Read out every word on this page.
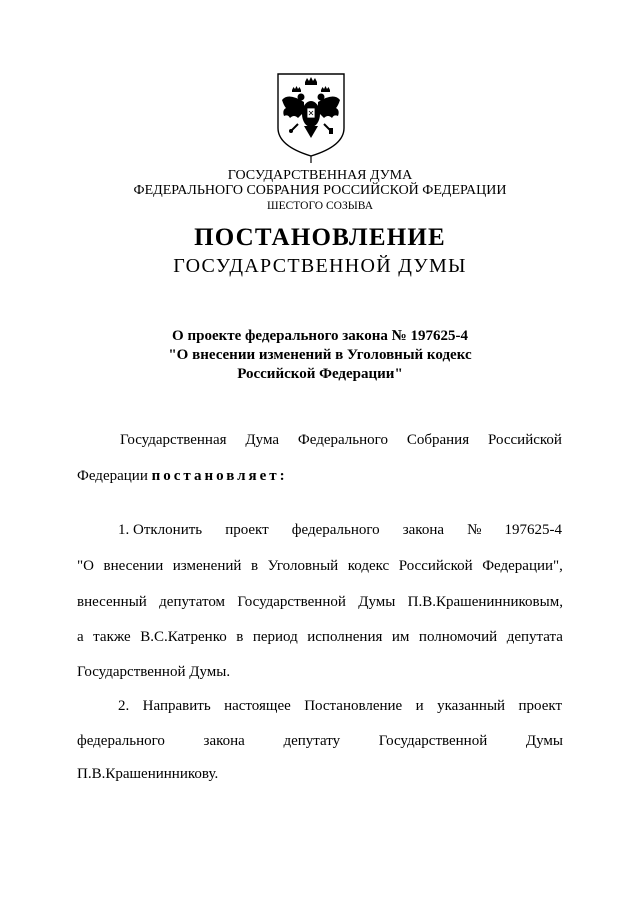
ГОСУДАРСТВЕННАЯ ДУМА
ФЕДЕРАЛЬНОГО СОБРАНИЯ РОССИЙСКОЙ ФЕДЕРАЦИИ
ШЕСТОГО СОЗЫВА
ПОСТАНОВЛЕНИЕ
ГОСУДАРСТВЕННОЙ ДУМЫ
О проекте федерального закона № 197625-4
"О внесении изменений в Уголовный кодекс
Российской Федерации"
Государственная Дума Федерального Собрания Российской
Федерации постановляет:
1. Отклонить проект федерального закона № 197625-4
"О внесении изменений в Уголовный кодекс Российской Федерации",
внесенный депутатом Государственной Думы П.В.Крашенинниковым,
а также В.С.Катренко в период исполнения им полномочий депутата
Государственной Думы.
2. Направить настоящее Постановление и указанный проект
федерального	закона	депутату	Государственной	Думы
П.В.Крашенинникову.
